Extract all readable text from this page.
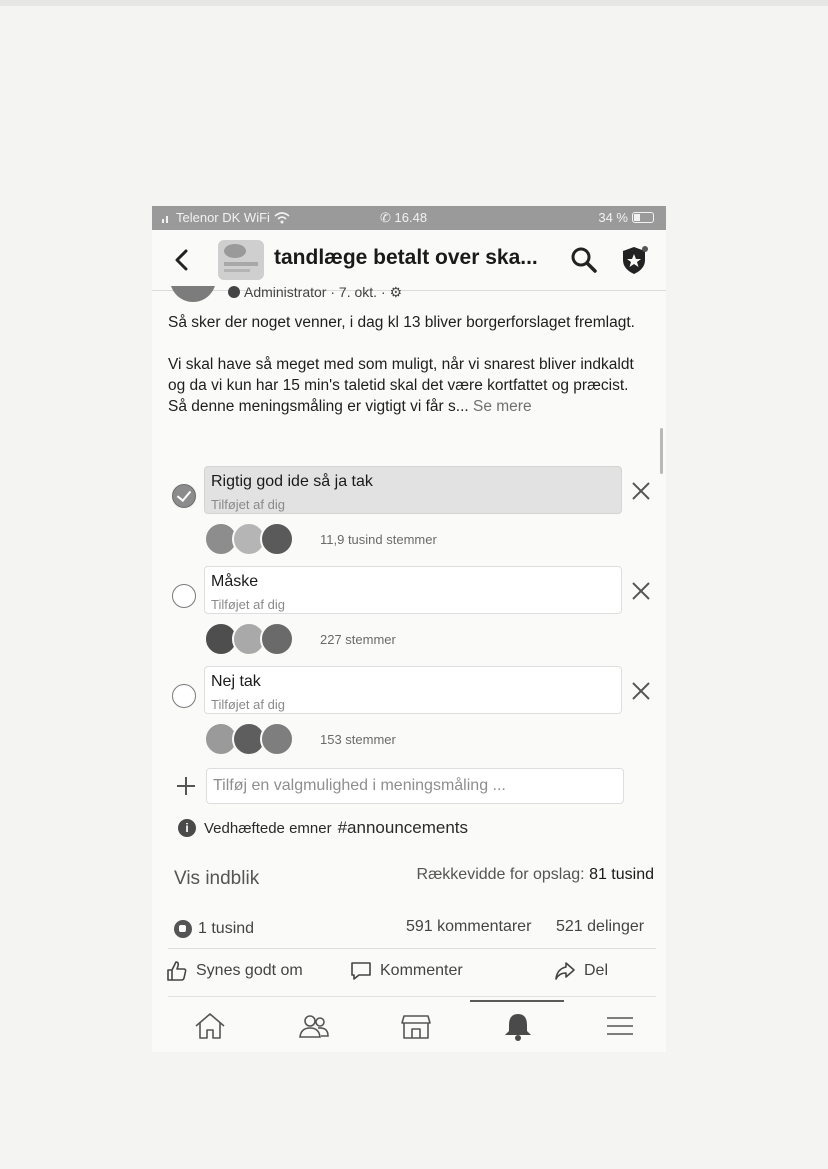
Telenor DK WiFi	✆ 16.48	34 %
tandlæge betalt over ska...
Administrator · 7. okt. · ⚙

Så sker der noget venner, i dag kl 13 bliver borgerforslaget fremlagt.

Vi skal have så meget med som muligt, når vi snarest bliver indkaldt og da vi kun har 15 min's taletid skal det være kortfattet og præcist.

Så denne meningsmåling er vigtigt vi får s... Se mere

Rigtig god ide så ja tak
Tilføjet af dig
11,9 tusind stemmer
Måske
Tilføjet af dig
227 stemmer
Nej tak
Tilføjet af dig
153 stemmer
Tilføj en valgmulighed i meningsmåling ...
i	Vedhæftede emner #announcements
Vis indblik	Rækkevidde for opslag: 81 tusind
1 tusind	591 kommentarer 521 delinger
Synes godt om	Kommenter	Del
